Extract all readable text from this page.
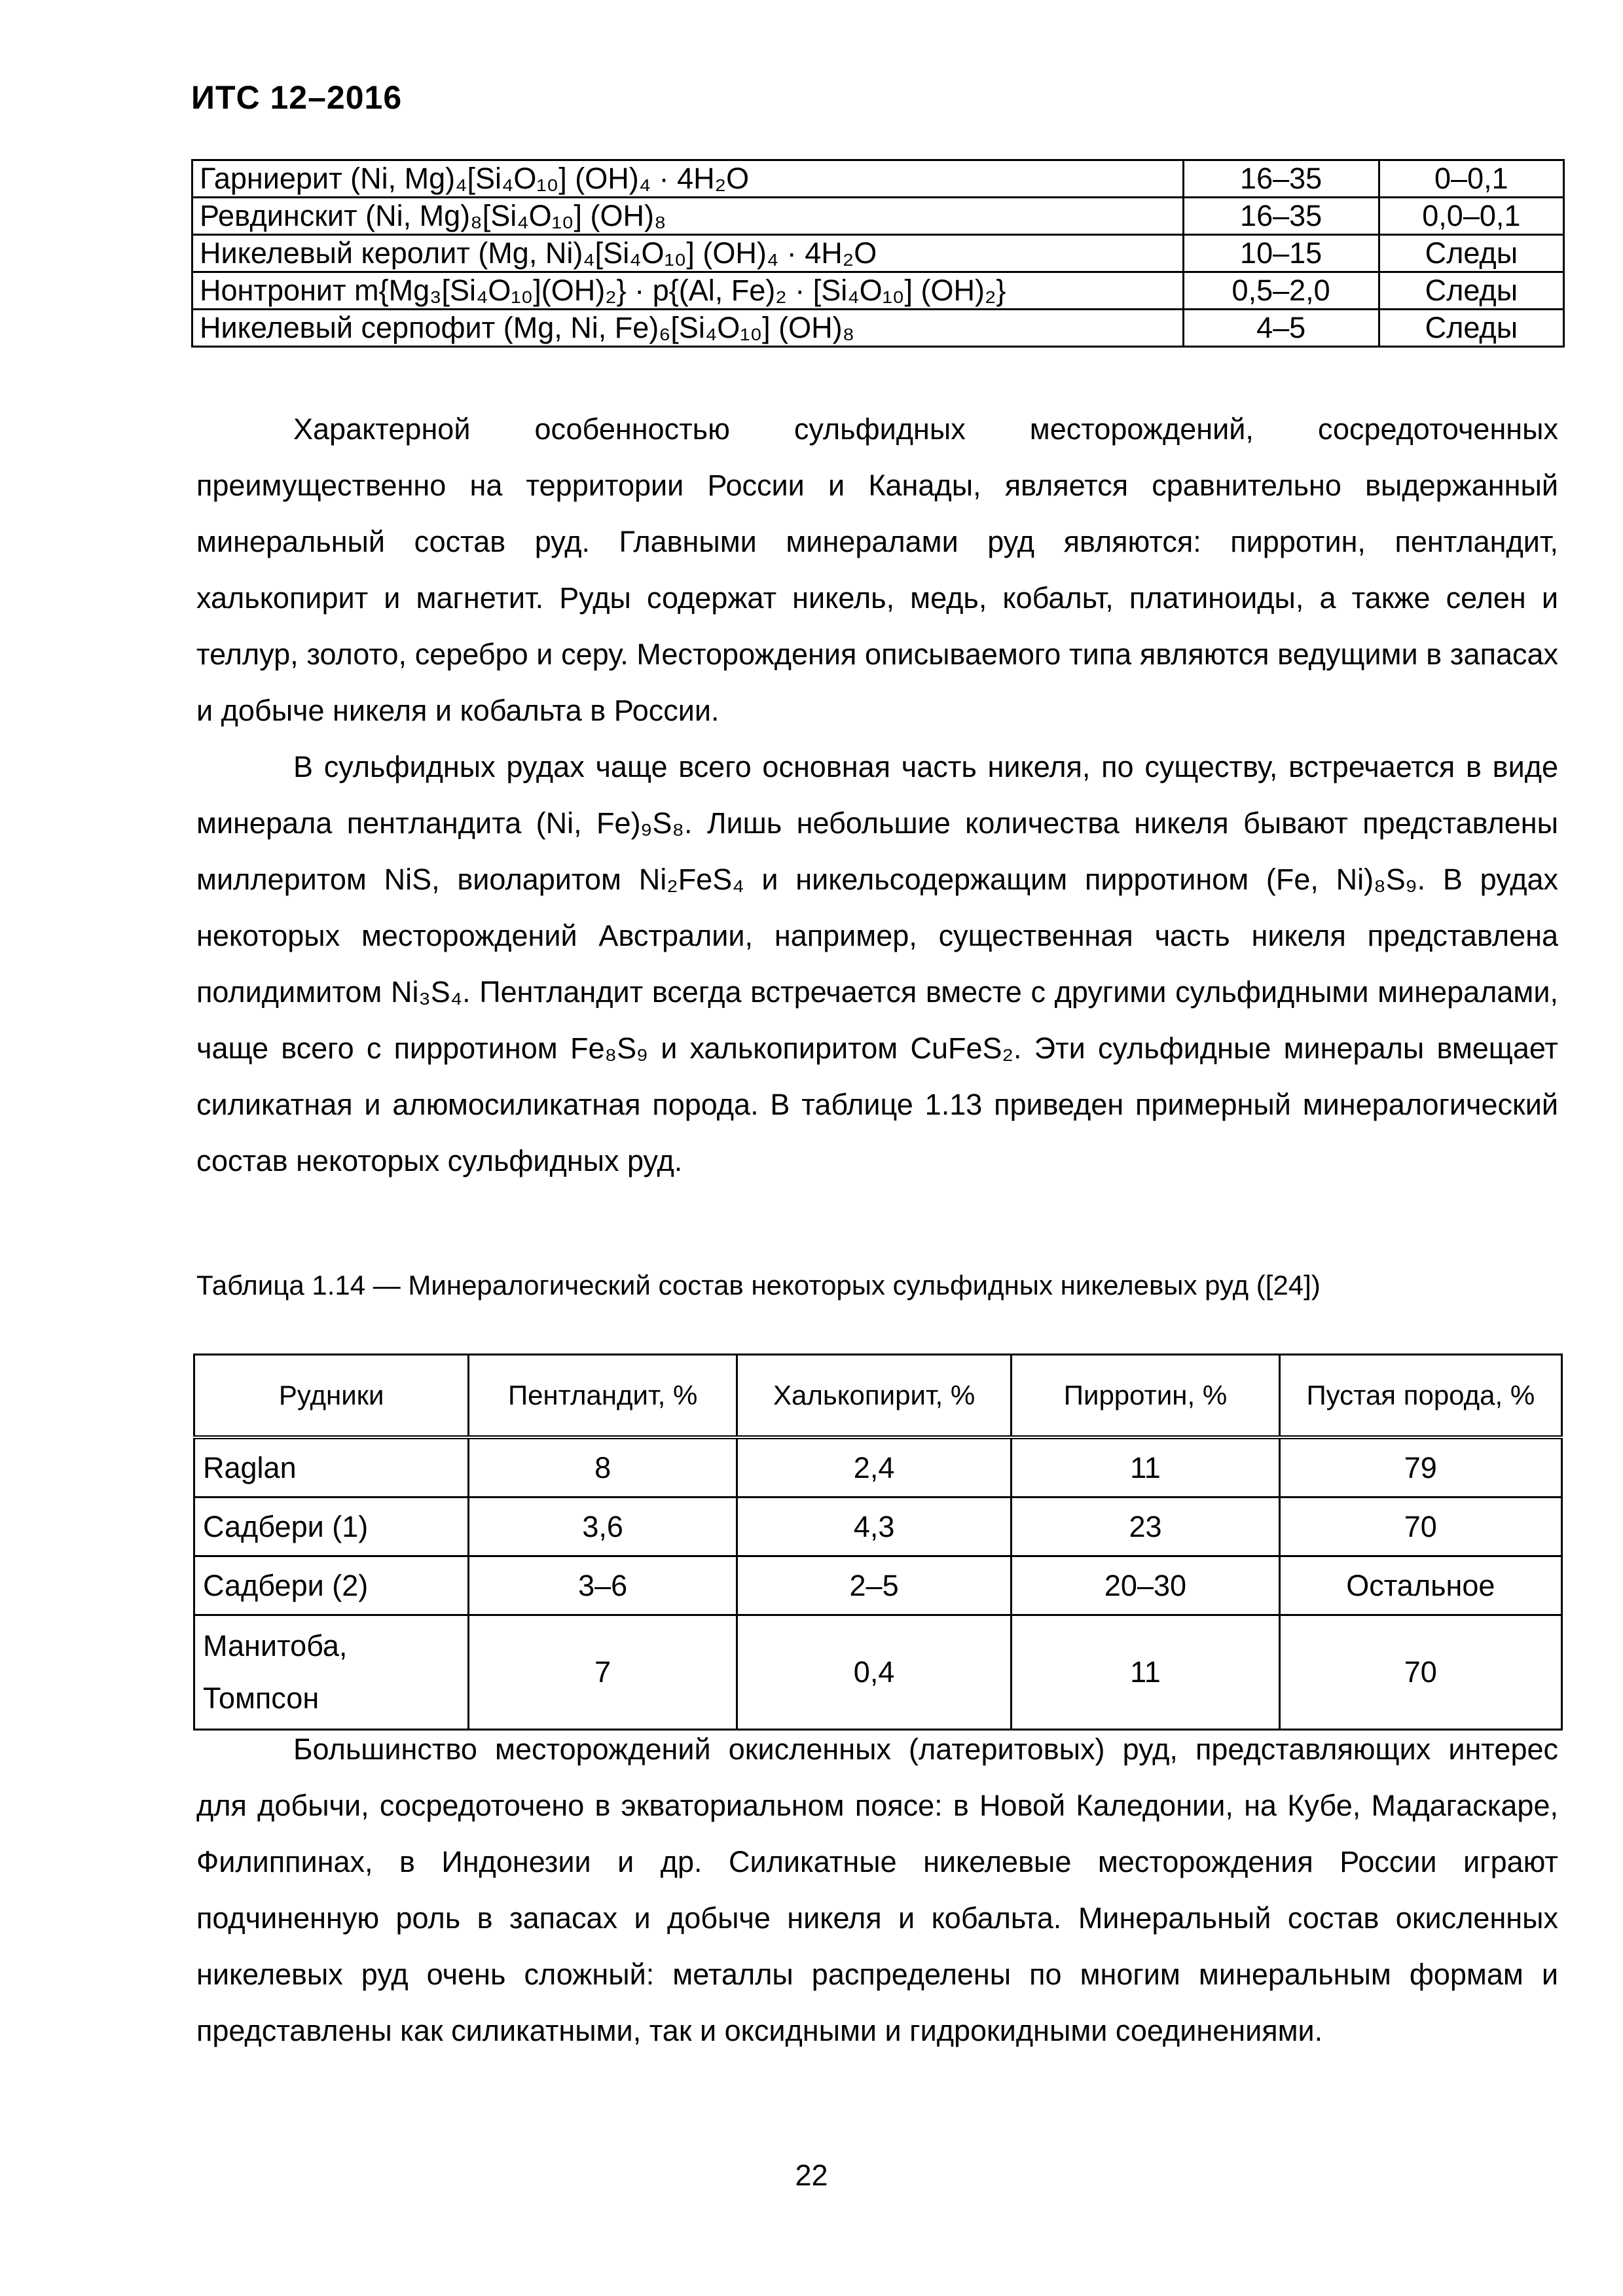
ИТС 12–2016
Гарниерит (Ni, Mg)₄[Si₄O₁₀] (OH)₄ · 4H₂O	16–35	0–0,1
Ревдинскит (Ni, Mg)₈[Si₄O₁₀] (OH)₈	16–35	0,0–0,1
Никелевый керолит (Mg, Ni)₄[Si₄O₁₀] (OH)₄ · 4H₂O	10–15	Следы
Нонтронит m{Mg₃[Si₄O₁₀](OH)₂} · p{(Al, Fe)₂ · [Si₄O₁₀] (OH)₂}	0,5–2,0	Следы
Никелевый серпофит (Mg, Ni, Fe)₆[Si₄O₁₀] (OH)₈	4–5	Следы

Характерной особенностью сульфидных месторождений, сосредоточенных преимущественно на территории России и Канады, является сравнительно выдержанный минеральный состав руд. Главными минералами руд являются: пирротин, пентландит, халькопирит и магнетит. Руды содержат никель, медь, кобальт, платиноиды, а также селен и теллур, золото, серебро и серу. Месторождения описываемого типа являются ведущими в запасах и добыче никеля и кобальта в России.

В сульфидных рудах чаще всего основная часть никеля, по существу, встречается в виде минерала пентландита (Ni, Fe)₉S₈. Лишь небольшие количества никеля бывают представлены миллеритом NiS, виоларитом Ni₂FeS₄ и никельсодержащим пирротином (Fe, Ni)₈S₉. В рудах некоторых месторождений Австралии, например, существенная часть никеля представлена полидимитом Ni₃S₄. Пентландит всегда встречается вместе с другими сульфидными минералами, чаще всего с пирротином Fe₈S₉ и халькопиритом CuFeS₂. Эти сульфидные минералы вмещает силикатная и алюмосиликатная порода. В таблице 1.13 приведен примерный минералогический состав некоторых сульфидных руд.

Таблица 1.14 — Минералогический состав некоторых сульфидных никелевых руд ([24])
Рудники	Пентландит, %	Халькопирит, %	Пирротин, %	Пустая порода, %
Raglan	8	2,4	11	79
Садбери (1)	3,6	4,3	23	70
Садбери (2)	3–6	2–5	20–30	Остальное
Манитоба, Томпсон	7	0,4	11	70

Большинство месторождений окисленных (латеритовых) руд, представляющих интерес для добычи, сосредоточено в экваториальном поясе: в Новой Каледонии, на Кубе, Мадагаскаре, Филиппинах, в Индонезии и др. Силикатные никелевые месторождения России играют подчиненную роль в запасах и добыче никеля и кобальта. Минеральный состав окисленных никелевых руд очень сложный: металлы распределены по многим минеральным формам и представлены как силикатными, так и оксидными и гидрокидными соединениями.

22
